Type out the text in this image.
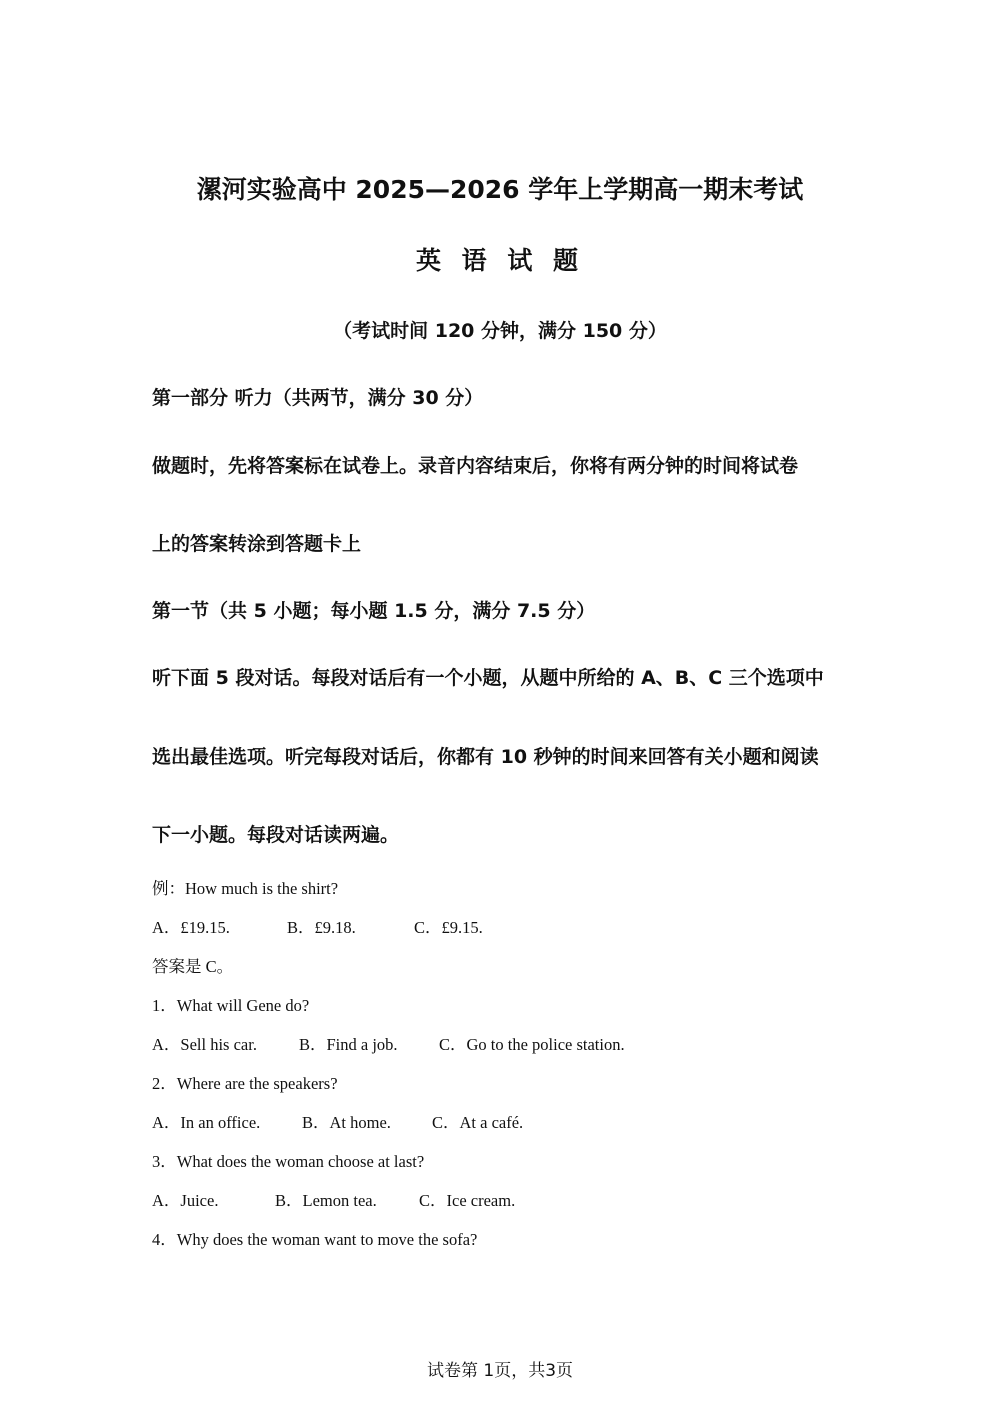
漯河实验高中 2025—2026 学年上学期高一期末考试
英 语 试 题
（考试时间 120 分钟，满分 150 分）
第一部分 听力（共两节，满分 30 分）
做题时，先将答案标在试卷上。录音内容结束后，你将有两分钟的时间将试卷
上的答案转涂到答题卡上
第一节（共 5 小题；每小题 1.5 分，满分 7.5 分）
听下面 5 段对话。每段对话后有一个小题，从题中所给的 A、B、C 三个选项中
选出最佳选项。听完每段对话后，你都有 10 秒钟的时间来回答有关小题和阅读
下一小题。每段对话读两遍。
例：How much is the shirt?
A．£19.15.	B．£9.18.	C．£9.15.
答案是 C。
1．What will Gene do?
A．Sell his car.	B．Find a job.	C．Go to the police station.
2．Where are the speakers?
A．In an office.	B．At home. C．At a café.
3．What does the woman choose at last?
A．Juice.	B．Lemon tea.	C．Ice cream.
4．Why does the woman want to move the sofa?
试卷第 1页，共3页
